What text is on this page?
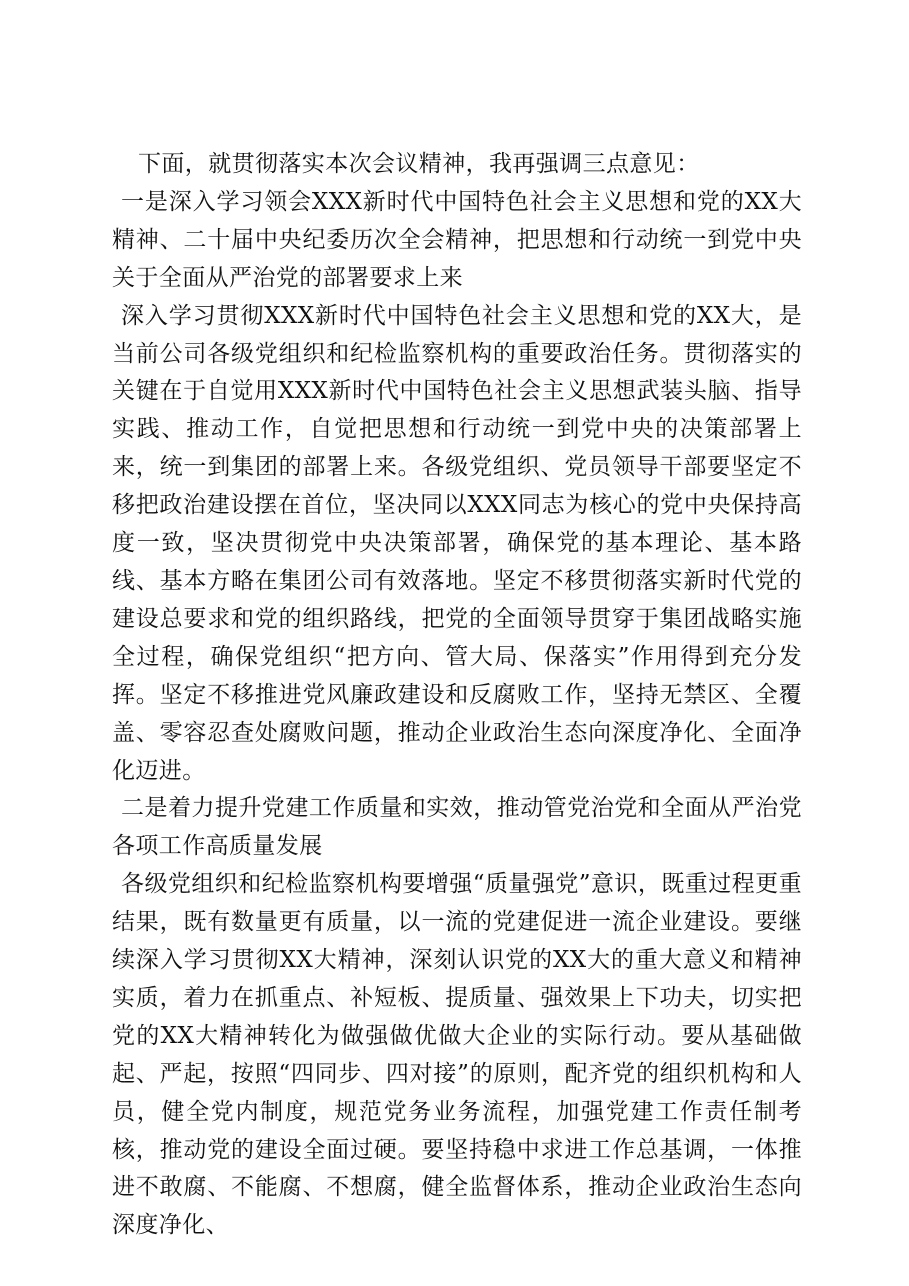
下面，就贯彻落实本次会议精神，我再强调三点意见：

一是深入学习领会XXX新时代中国特色社会主义思想和党的XX大精神、二十届中央纪委历次全会精神，把思想和行动统一到党中央关于全面从严治党的部署要求上来

深入学习贯彻XXX新时代中国特色社会主义思想和党的XX大，是当前公司各级党组织和纪检监察机构的重要政治任务。贯彻落实的关键在于自觉用XXX新时代中国特色社会主义思想武装头脑、指导实践、推动工作，自觉把思想和行动统一到党中央的决策部署上来，统一到集团的部署上来。各级党组织、党员领导干部要坚定不移把政治建设摆在首位，坚决同以XXX同志为核心的党中央保持高度一致，坚决贯彻党中央决策部署，确保党的基本理论、基本路线、基本方略在集团公司有效落地。坚定不移贯彻落实新时代党的建设总要求和党的组织路线，把党的全面领导贯穿于集团战略实施全过程，确保党组织“把方向、管大局、保落实”作用得到充分发挥。坚定不移推进党风廉政建设和反腐败工作，坚持无禁区、全覆盖、零容忍查处腐败问题，推动企业政治生态向深度净化、全面净化迈进。

二是着力提升党建工作质量和实效，推动管党治党和全面从严治党各项工作高质量发展

各级党组织和纪检监察机构要增强“质量强党”意识，既重过程更重结果，既有数量更有质量，以一流的党建促进一流企业建设。要继续深入学习贯彻XX大精神，深刻认识党的XX大的重大意义和精神实质，着力在抓重点、补短板、提质量、强效果上下功夫，切实把党的XX大精神转化为做强做优做大企业的实际行动。要从基础做起、严起，按照“四同步、四对接”的原则，配齐党的组织机构和人员，健全党内制度，规范党务业务流程，加强党建工作责任制考核，推动党的建设全面过硬。要坚持稳中求进工作总基调，一体推进不敢腐、不能腐、不想腐，健全监督体系，推动企业政治生态向深度净化、
